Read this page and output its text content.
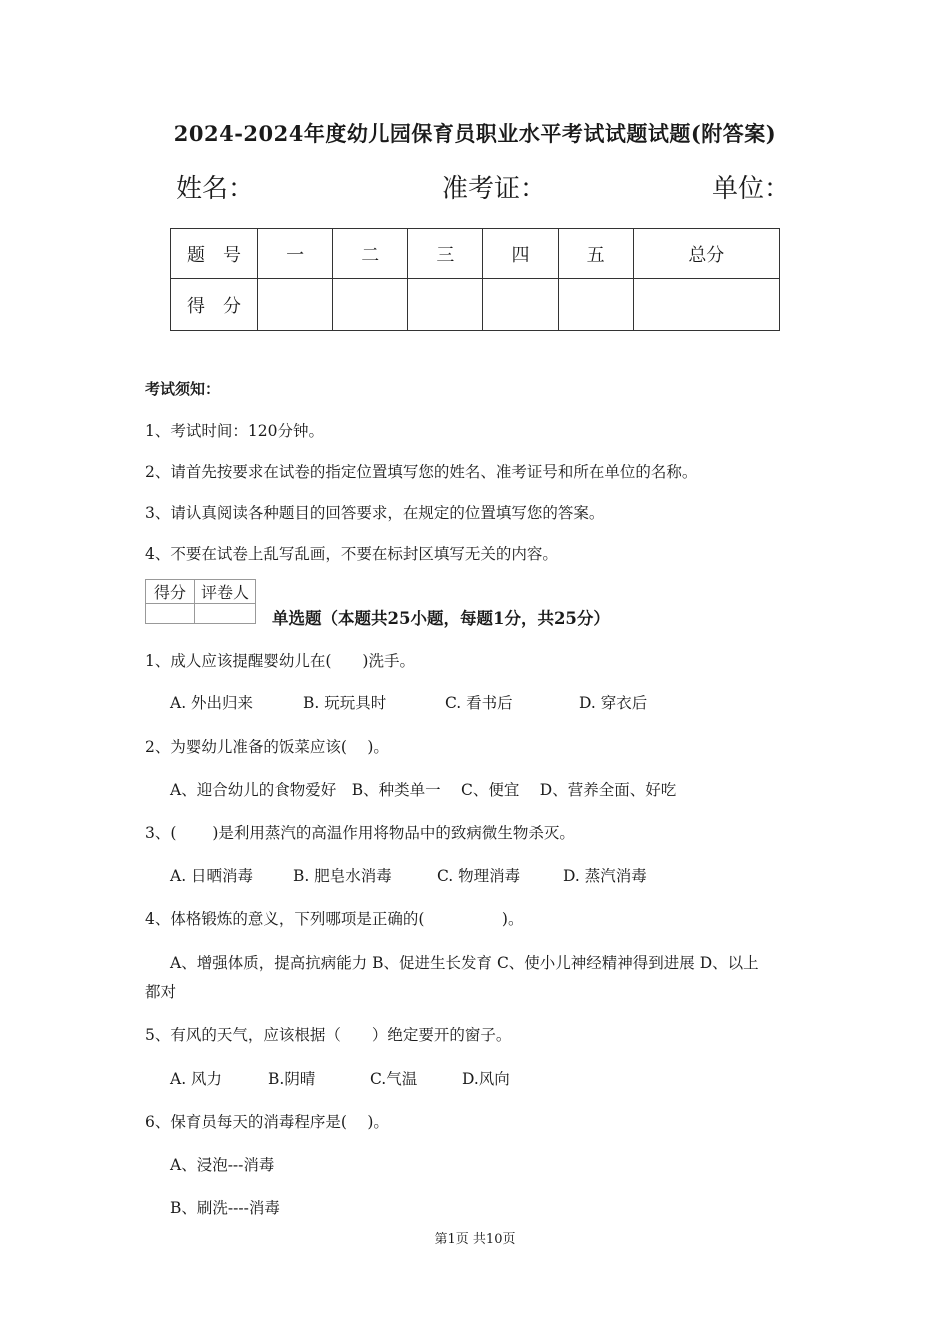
2024-2024年度幼儿园保育员职业水平考试试题试题(附答案)
姓名：	准考证：	单位：
题　号	一	二	三	四	五	总分
得　分						
考试须知：
1、考试时间：120分钟。
2、请首先按要求在试卷的指定位置填写您的姓名、准考证号和所在单位的名称。
3、请认真阅读各种题目的回答要求，在规定的位置填写您的答案。
4、不要在试卷上乱写乱画，不要在标封区填写无关的内容。
得分	评卷人

单选题（本题共25小题，每题1分，共25分）
1、成人应该提醒婴幼儿在(　　)洗手。
A. 外出归来	B. 玩玩具时	C. 看书后	D. 穿衣后
2、为婴幼儿准备的饭菜应该(　 )。
A、迎合幼儿的食物爱好　B、种类单一　 C、便宜　 D、营养全面、好吃
3、(　　 )是利用蒸汽的高温作用将物品中的致病微生物杀灭。
A. 日晒消毒	B. 肥皂水消毒	C. 物理消毒	D. 蒸汽消毒
4、体格锻炼的意义，下列哪项是正确的(　　　　　)。
A、增强体质，提高抗病能力 B、促进生长发育 C、使小儿神经精神得到进展 D、以上
都对
5、有风的天气，应该根据（　　）绝定要开的窗子。
A. 风力	B.阴晴	C.气温	D.风向
6、保育员每天的消毒程序是(　 )。
A、浸泡---消毒
B、刷洗----消毒
第1页 共10页
